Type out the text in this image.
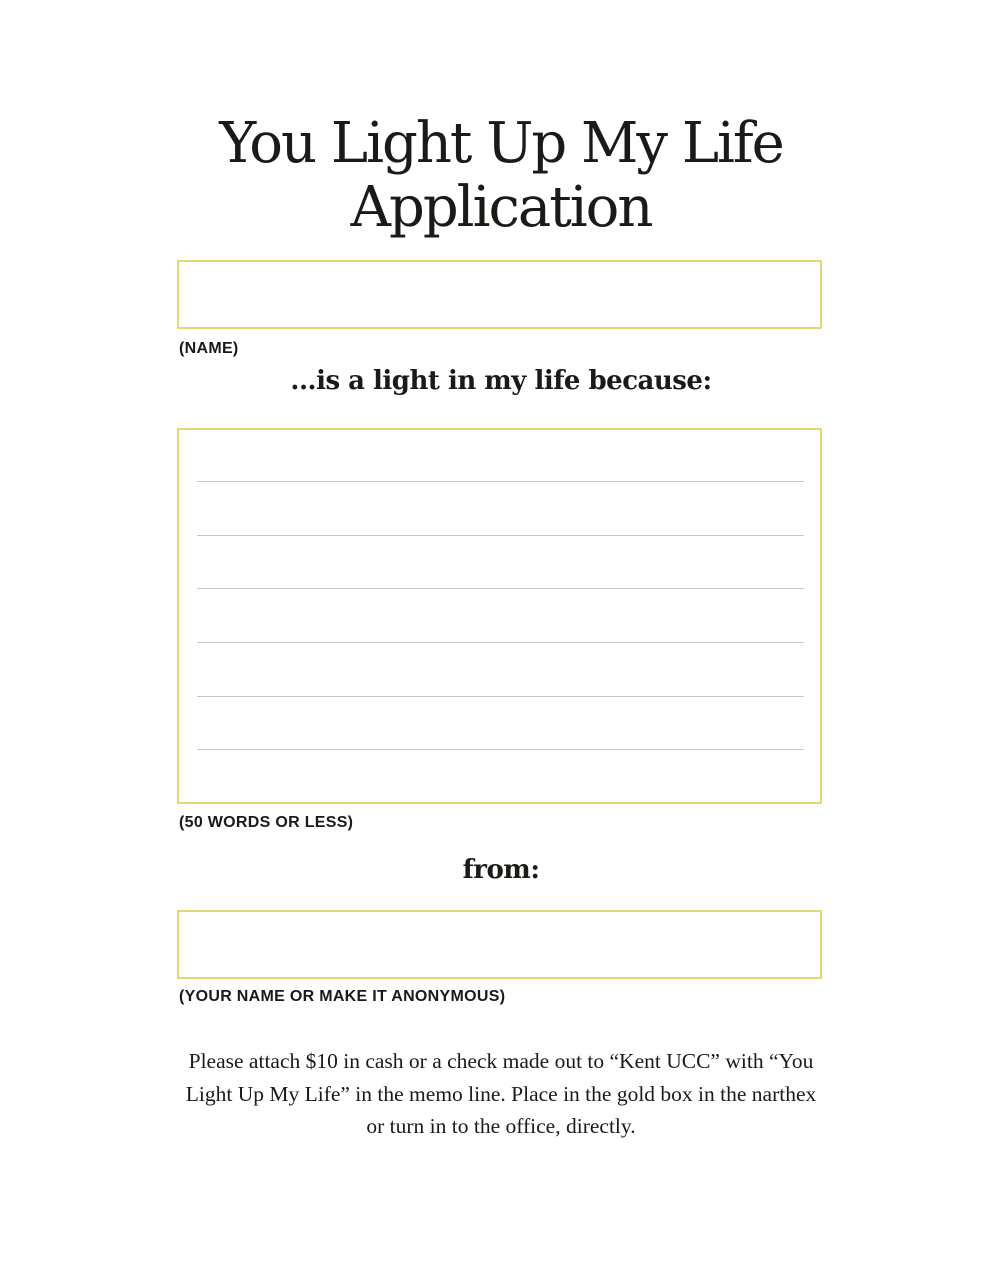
You Light Up My Life
Application
(NAME)
...is a light in my life because:
(50 WORDS OR LESS)
from:
(YOUR NAME OR MAKE IT ANONYMOUS)

Please attach $10 in cash or a check made out to “Kent UCC” with “You
Light Up My Life” in the memo line. Place in the gold box in the narthex
or turn in to the office, directly.
